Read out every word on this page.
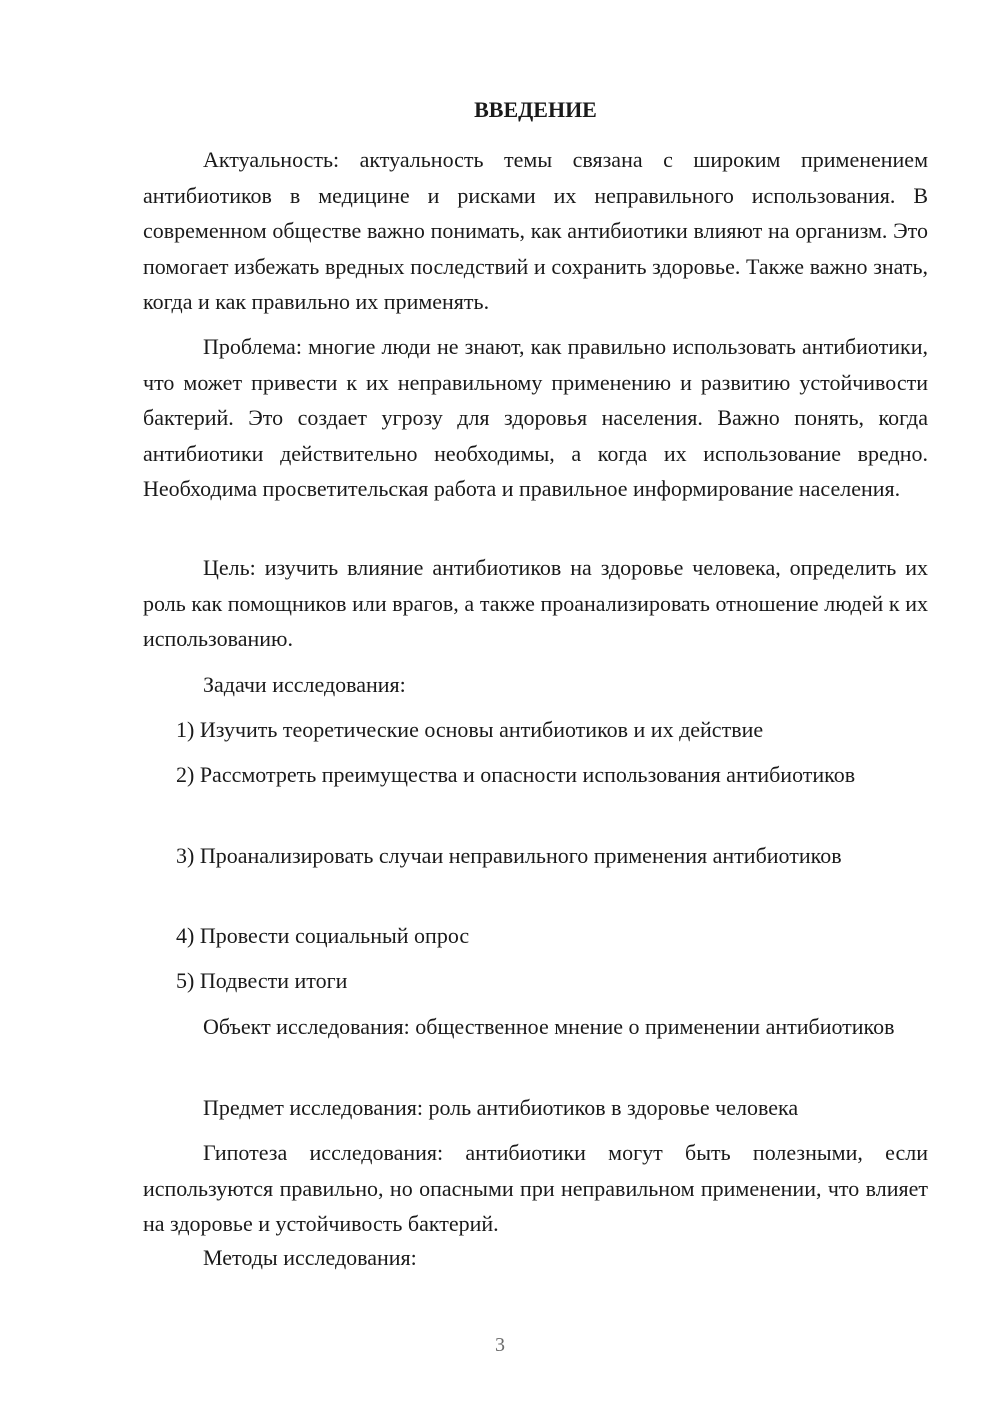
ВВЕДЕНИЕ

Актуальность: актуальность темы связана с широким применением антибиотиков в медицине и рисками их неправильного использования. В современном обществе важно понимать, как антибиотики влияют на организм. Это помогает избежать вредных последствий и сохранить здоровье. Также важно знать, когда и как правильно их применять.

Проблема: многие люди не знают, как правильно использовать антибиотики, что может привести к их неправильному применению и развитию устойчивости бактерий. Это создает угрозу для здоровья населения. Важно понять, когда антибиотики действительно необходимы, а когда их использование вредно. Необходима просветительская работа и правильное информирование населения.

Цель: изучить влияние антибиотиков на здоровье человека, определить их роль как помощников или врагов, а также проанализировать отношение людей к их использованию.

Задачи исследования:

1) Изучить теоретические основы антибиотиков и их действие

2) Рассмотреть преимущества и опасности использования антибиотиков

3) Проанализировать случаи неправильного применения антибиотиков

4) Провести социальный опрос

5) Подвести итоги

Объект исследования: общественное мнение о применении антибиотиков

Предмет исследования: роль антибиотиков в здоровье человека

Гипотеза исследования: антибиотики могут быть полезными, если используются правильно, но опасными при неправильном применении, что влияет на здоровье и устойчивость бактерий.

Методы исследования:

3
